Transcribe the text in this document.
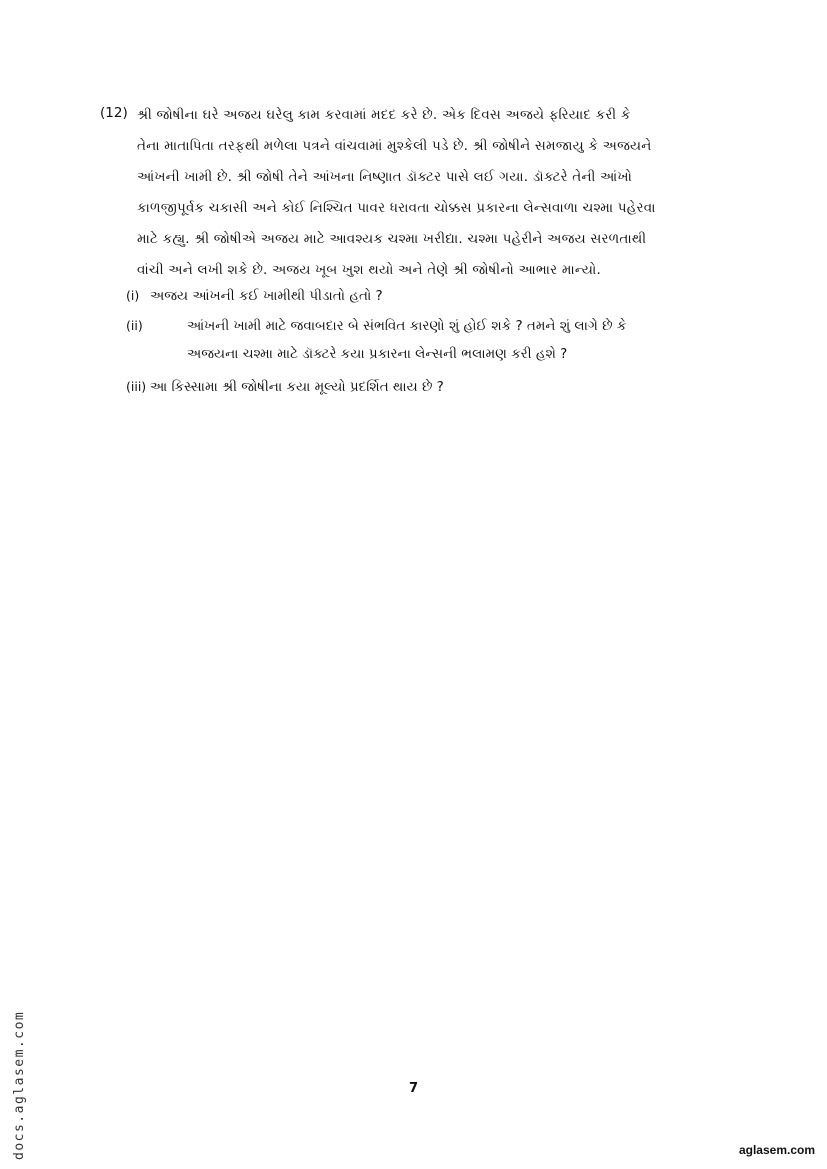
(12) શ્રી જોષીના ઘરે અજય ઘરેલુ કામ કરવામાં મદદ કરે છે. એક દિવસ અજયે ફરિયાદ કરી કે
તેના માતાપિતા તરફથી મળેલા પત્રને વાંચવામાં મુશ્કેલી પડે છે. શ્રી જોષીને સમજાયુ કે અજયને
આંખની ખામી છે. શ્રી જોષી તેને આંખના નિષ્ણાત ડૉક્ટર પાસે લઈ ગયા. ડૉક્ટરે તેની આંખો
કાળજીપૂર્વક ચકાસી અને કોઈ નિશ્ચિત પાવર ધરાવતા ચોક્કસ પ્રકારના લેન્સવાળા ચશ્મા પહેરવા
માટે કહ્યુ. શ્રી જોષીએ અજય માટે આવશ્યક ચશ્મા ખરીદ્યા. ચશ્મા પહેરીને અજય સરળતાથી
વાંચી અને લખી શકે છે. અજય ખૂબ ખુશ થયો અને તેણે શ્રી જોષીનો આભાર માન્યો.
(i) અજય આંખની કઈ ખામીથી પીડાતો હતો ?
(ii)	આંખની ખામી માટે જવાબદાર બે સંભવિત કારણો શું હોઈ શકે ? તમને શું લાગે છે કે
અજયના ચશ્મા માટે ડૉક્ટરે કયા પ્રકારના લેન્સની ભલામણ કરી હશે ?
(iii) આ કિસ્સામા શ્રી જોષીના કયા મૂલ્યો પ્રદર્શિત થાય છે ?
7
aglasem.com
docs.aglasem.com
